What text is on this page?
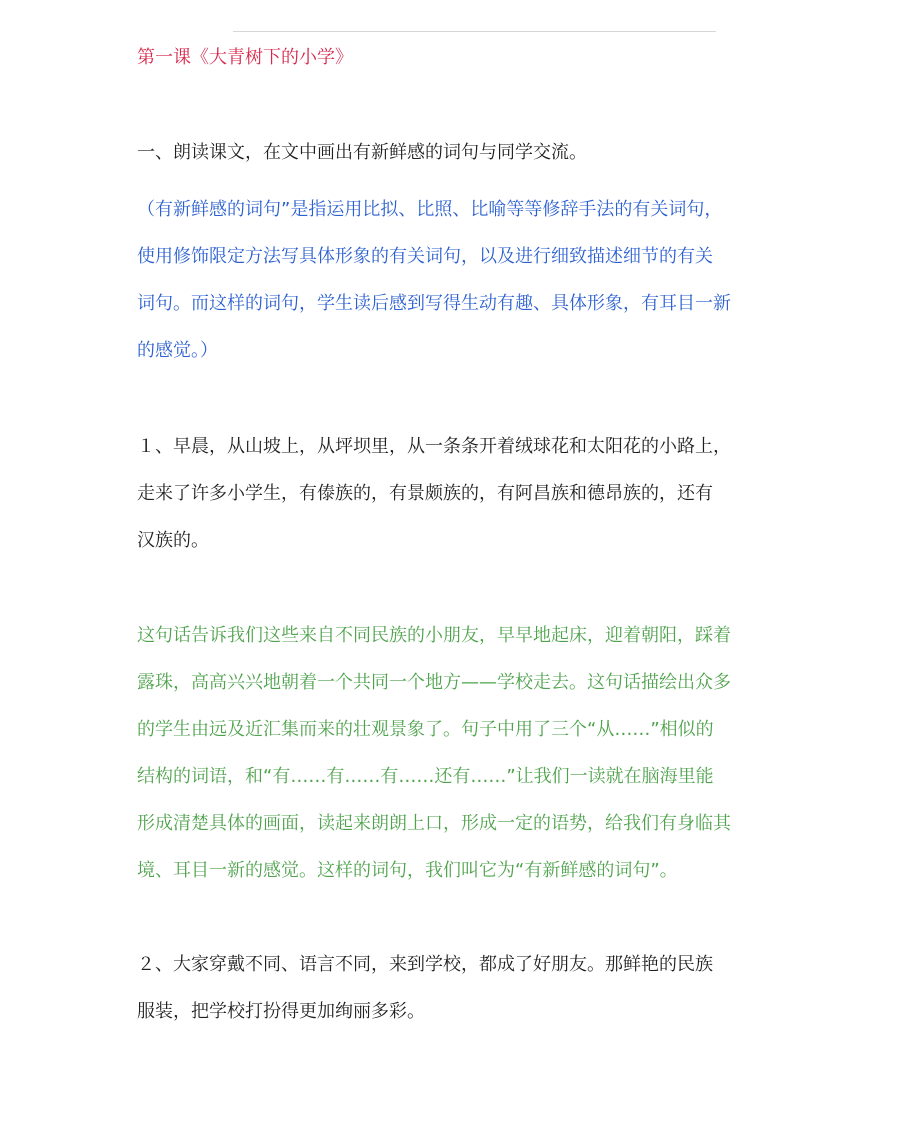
第一课《大青树下的小学》

一、朗读课文，在文中画出有新鲜感的词句与同学交流。

（有新鲜感的词句”是指运用比拟、比照、比喻等等修辞手法的有关词句，
使用修饰限定方法写具体形象的有关词句，以及进行细致描述细节的有关
词句。而这样的词句，学生读后感到写得生动有趣、具体形象，有耳目一新
的感觉。）
１、早晨，从山坡上，从坪坝里，从一条条开着绒球花和太阳花的小路上，
走来了许多小学生，有傣族的，有景颇族的，有阿昌族和德昂族的，还有
汉族的。
这句话告诉我们这些来自不同民族的小朋友，早早地起床，迎着朝阳，踩着
露珠，高高兴兴地朝着一个共同一个地方——学校走去。这句话描绘出众多
的学生由远及近汇集而来的壮观景象了。句子中用了三个“从……”相似的
结构的词语，和“有……有……有……还有……”让我们一读就在脑海里能
形成清楚具体的画面，读起来朗朗上口，形成一定的语势，给我们有身临其
境、耳目一新的感觉。这样的词句，我们叫它为“有新鲜感的词句”。
２、大家穿戴不同、语言不同，来到学校，都成了好朋友。那鲜艳的民族
服装，把学校打扮得更加绚丽多彩。
